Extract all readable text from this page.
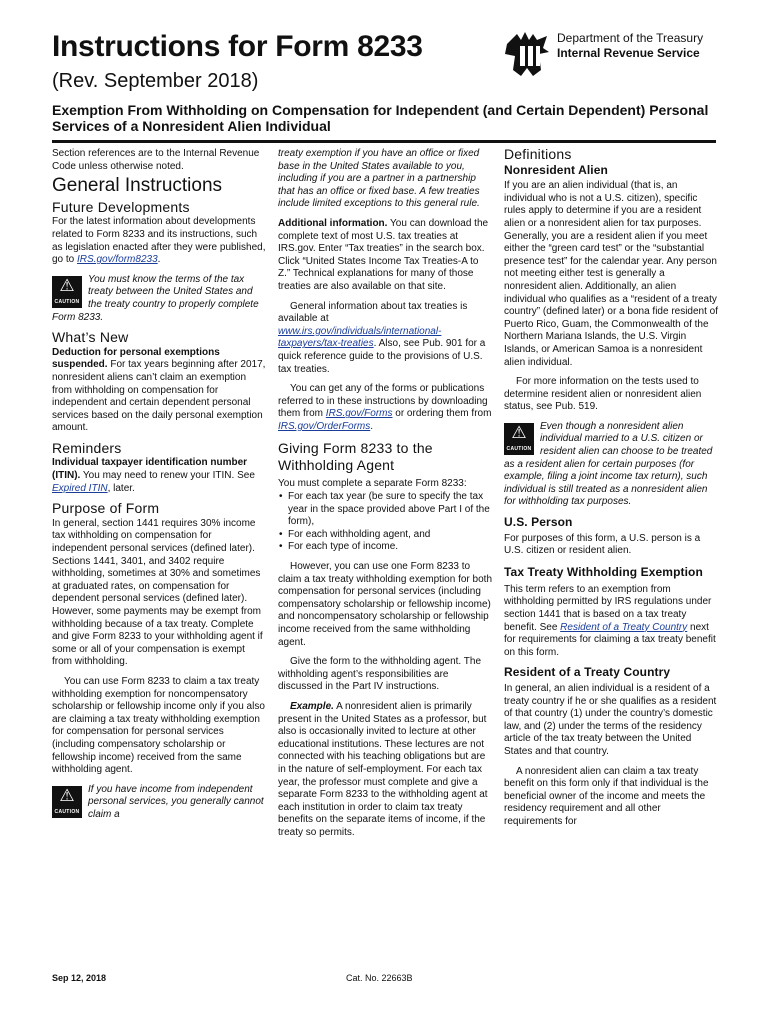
Instructions for Form 8233
(Rev. September 2018)
Exemption From Withholding on Compensation for Independent (and Certain Dependent) Personal Services of a Nonresident Alien Individual
Department of the Treasury
Internal Revenue Service

Section references are to the Internal Revenue Code unless otherwise noted.

General Instructions
Future Developments

For the latest information about developments related to Form 8233 and its instructions, such as legislation enacted after they were published, go to IRS.gov/form8233.

⚠
CAUTION
You must know the terms of the tax treaty between the United States and the treaty country to properly complete Form 8233.
What’s New

Deduction for personal exemptions suspended. For tax years beginning after 2017, nonresident aliens can’t claim an exemption from withholding on compensation for independent and certain dependent personal services based on the daily personal exemption amount.

Reminders

Individual taxpayer identification number (ITIN). You may need to renew your ITIN. See Expired ITIN, later.

Purpose of Form

In general, section 1441 requires 30% income tax withholding on compensation for independent personal services (defined later). Sections 1441, 3401, and 3402 require withholding, sometimes at 30% and sometimes at graduated rates, on compensation for dependent personal services (defined later). However, some payments may be exempt from withholding because of a tax treaty. Complete and give Form 8233 to your withholding agent if some or all of your compensation is exempt from withholding.

You can use Form 8233 to claim a tax treaty withholding exemption for noncompensatory scholarship or fellowship income only if you also are claiming a tax treaty withholding exemption for compensation for personal services (including compensatory scholarship or fellowship income) received from the same withholding agent.

⚠
CAUTION
If you have income from independent personal services, you generally cannot claim a

treaty exemption if you have an office or fixed base in the United States available to you, including if you are a partner in a partnership that has an office or fixed base. A few treaties include limited exceptions to this general rule.

Additional information. You can download the complete text of most U.S. tax treaties at IRS.gov. Enter “Tax treaties” in the search box. Click “United States Income Tax Treaties-A to Z.” Technical explanations for many of those treaties are also available on that site.

General information about tax treaties is available at www.irs.gov/individuals/international-taxpayers/tax-treaties. Also, see Pub. 901 for a quick reference guide to the provisions of U.S. tax treaties.

You can get any of the forms or publications referred to in these instructions by downloading them from IRS.gov/Forms or ordering them from IRS.gov/OrderForms.

Giving Form 8233 to the Withholding Agent

You must complete a separate Form 8233:

• For each tax year (be sure to specify the tax year in the space provided above Part I of the form),
• For each withholding agent, and
• For each type of income.

However, you can use one Form 8233 to claim a tax treaty withholding exemption for both compensation for personal services (including compensatory scholarship or fellowship income) and noncompensatory scholarship or fellowship income received from the same withholding agent.

Give the form to the withholding agent. The withholding agent’s responsibilities are discussed in the Part IV instructions.

Example. A nonresident alien is primarily present in the United States as a professor, but also is occasionally invited to lecture at other educational institutions. These lectures are not connected with his teaching obligations but are in the nature of self-employment. For each tax year, the professor must complete and give a separate Form 8233 to the withholding agent at each institution in order to claim tax treaty benefits on the separate items of income, if the treaty so permits.

Definitions
Nonresident Alien

If you are an alien individual (that is, an individual who is not a U.S. citizen), specific rules apply to determine if you are a resident alien or a nonresident alien for tax purposes. Generally, you are a resident alien if you meet either the “green card test” or the “substantial presence test” for the calendar year. Any person not meeting either test is generally a nonresident alien. Additionally, an alien individual who qualifies as a “resident of a treaty country” (defined later) or a bona fide resident of Puerto Rico, Guam, the Commonwealth of the Northern Mariana Islands, the U.S. Virgin Islands, or American Samoa is a nonresident alien individual.

For more information on the tests used to determine resident alien or nonresident alien status, see Pub. 519.

⚠
CAUTION
Even though a nonresident alien individual married to a U.S. citizen or resident alien can choose to be treated as a resident alien for certain purposes (for example, filing a joint income tax return), such individual is still treated as a nonresident alien for withholding tax purposes.
U.S. Person

For purposes of this form, a U.S. person is a U.S. citizen or resident alien.

Tax Treaty Withholding Exemption

This term refers to an exemption from withholding permitted by IRS regulations under section 1441 that is based on a tax treaty benefit. See Resident of a Treaty Country next for requirements for claiming a tax treaty benefit on this form.

Resident of a Treaty Country

In general, an alien individual is a resident of a treaty country if he or she qualifies as a resident of that country (1) under the country’s domestic law, and (2) under the terms of the residency article of the tax treaty between the United States and that country.

A nonresident alien can claim a tax treaty benefit on this form only if that individual is the beneficial owner of the income and meets the residency requirement and all other requirements for

Sep 12, 2018	Cat. No. 22663B
